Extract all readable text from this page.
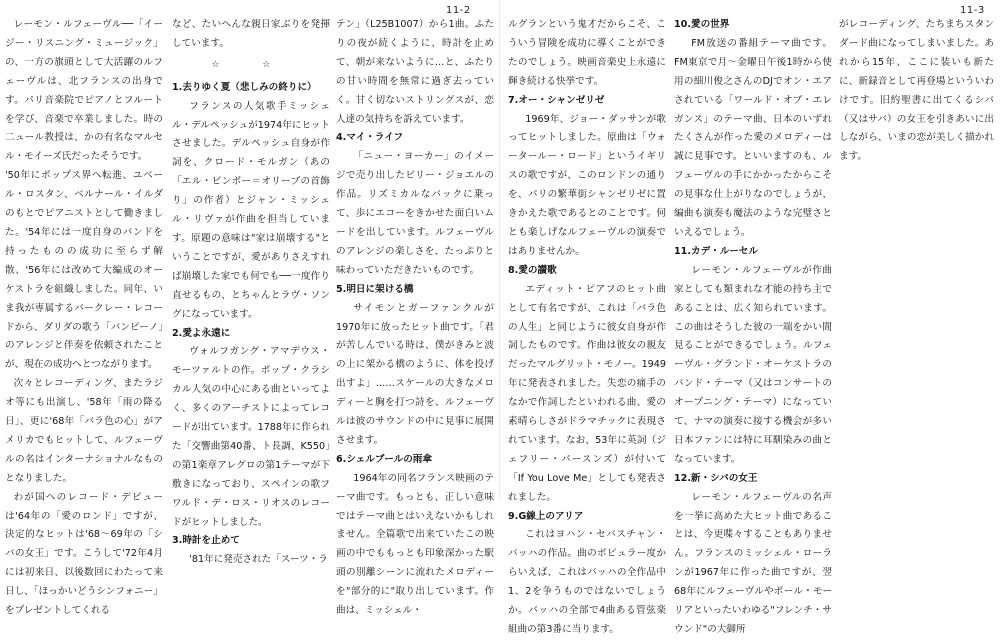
11-2	11-3

レーモン・ルフェーヴル──「イージー・リスニング・ミュージック」の、一方の旗頭として大活躍のルフェーヴルは、北フランスの出身です。パリ音楽院でピアノとフルートを学び、音楽で卒業しました。時の二ュール教授は、かの有名なマルセル・モイーズ氏だったそうです。

'50年にポップス界へ転進、ユベール・ロスタン、ベルナール・イルダのもとでピアニストとして働きました。'54年には一度自身のバンドを持ったものの成功に至らず解散、'56年には改めて大編成のオーケストラを組織しました。同年、いま我が専属するバークレー・レコードから、ダリダの歌う「バンビーノ」のアレンジと伴奏を依頼されたことが、現在の成功へとつながります。

次々とレコーディング、またラジオ等にも出演し、'58年「雨の降る日」、更に'68年「バラ色の心」がアメリカでもヒットして、ルフェーヴルの名はインターナショナルなものとなりました。

わが国へのレコード・デビューは'64年の「愛のロンド」ですが、決定的なヒットは'68～69年の「シバの女王」です。こうして'72年4月には初来日、以後数回にわたって来日し、「ほっかいどうシンフォニー」をプレゼントしてくれる

など、たいへんな親日家ぶりを発揮しています。

☆ ☆
1.去りゆく夏（悲しみの終りに）

フランスの人気歌手ミッシェル・デルペッシュが1974年にヒットさせました。デルペッシュ自身が作詞を、クロード・モルガン（あの「エル・ビンボー＝オリーブの首飾り」の作者）とジャン・ミッシェル・リヴァが作曲を担当しています。原題の意味は"家は崩壊する"ということですが、愛がありさえすれば崩壊した家でも何でも──一度作り直せるもの、とちゃんとラヴ・ソングになっています。

2.愛よ永遠に

ヴォルフガング・アマデウス・モーツァルトの作。ポップ・クラシカル人気の中心にある曲といってよく、多くのアーチストによってレコードが出ています。1788年に作られた「交響曲第40番、ト長調、K550」の第1楽章アレグロの第1テーマが下敷きになっており、スペインの歌フワルド・デ・ロス・リオスのレコードがヒットしました。

3.時計を止めて

'81年に発売された「スーツ・ラ

テン」（L25B1007）から1曲。ふたりの夜が続くように、時計を止めて、朝が来ないように…と、ふたりの甘い時間を無常に過ぎ去っていく。甘く切ないストリングスが、恋人達の気持ちを訴えています。

4.マイ・ライフ

「ニュー・ヨーカー」のイメージで売り出したビリー・ジョエルの作品。リズミカルなバックに乗って、歩にエコーをきかせた面白いムードを出しています。ルフェーヴルのアレンジの楽しさを、たっぷりと味わっていただきたいものです。

5.明日に架ける橋

サイモンとガーファンクルが1970年に放ったヒット曲です。「君が苦しんでいる時は、僕がきみと波の上に架かる橋のように、体を投げ出すよ」……スケールの大きなメロディーと胸を打つ詩を、ルフェーヴルは彼のサウンドの中に見事に展開させます。

6.シェルブールの雨傘

1964年の同名フランス映画のテーマ曲です。もっとも、正しい意味ではテーマ曲とはいえないかもしれません。全篇歌で出来ていたこの映画の中でももっとも印象深かった駅頭の別離シーンに流れたメロディーを"部分的に"取り出しています。作曲は、ミッシェル・

ルグランという鬼才だからこそ、こういう冒険を成功に導くことができたのでしょう。映画音楽史上永遠に輝き続ける快挙です。

7.オー・シャンゼリゼ

1969年、ジョー・ダッサンが歌ってヒットしました。原曲は「ウォータールー・ロード」というイギリスの歌ですが、このロンドンの通りを、パリの繁華街シャンゼリゼに置きかえた歌であるとのことです。何とも楽しげなルフェーヴルの演奏ではありませんか。

8.愛の讃歌

エディット・ピアフのヒット曲として有名ですが、これは「バラ色の人生」と同じように彼女自身が作詞したものです。作曲は彼女の親友だったマルグリット・モノー。1949年に発表されました。失恋の痛手のなかで作詞したといわれる曲、愛の素晴らしさがドラマチックに表現されています。なお、53年に英詞（ジェフリー・パースンズ）が付いて「If You Love Me」としても発表されました。

9.G線上のアリア

これはヨハン・セバスチャン・バッハの作品。曲のポピュラー度からいえば、これはバッハの全作品中1、2を争うものではないでしょうか。バッハの全部で4曲ある管弦楽組曲の第3番に当ります。

10.愛の世界

FM放送の番組テーマ曲です。FM東京で月～金曜日午後1時から使用の細川俊之さんのDJでオン・エアされている「ワールド・オブ・エレガンス」のテーマ曲、日本のいずれたくさんが作った愛のメロディーは誠に見事です。といいますのも、ルフェーヴルの手にかかったからこその見事な仕上がりなのでしょうが、編曲も演奏も魔法のような完璧さといえるでしょう。

11.カデ・ルーセル

レーモン・ルフェーヴルが作曲家としても類まれな才能の持ち主であることは、広く知られています。この曲はそうした彼の一端をかい間見ることができるでしょう。ルフェーヴル・グランド・オーケストラのバンド・テーマ（又はコンサートのオープニング・テーマ）になっていて、ナマの演奏に接する機会が多い日本ファンには特に耳馴染みの曲となっています。

12.新・シバの女王

レーモン・ルフェーヴルの名声を一挙に高めた大ヒット曲であることは、今更喋々することもありません。フランスのミッシェル・ローランが1967年に作った曲ですが、翌68年にルフェーヴルやポール・モーリアといったいわゆる"フレンチ・サウンド"の大御所

がレコーディング、たちまちスタンダード曲になってしまいました。あれから15年、ここに装いも新たに、新録音として再登場といういわけです。旧約聖書に出てくるシバ（又はサバ）の女王を引きあいに出しながら、いまの恋が美しく描かれます。
